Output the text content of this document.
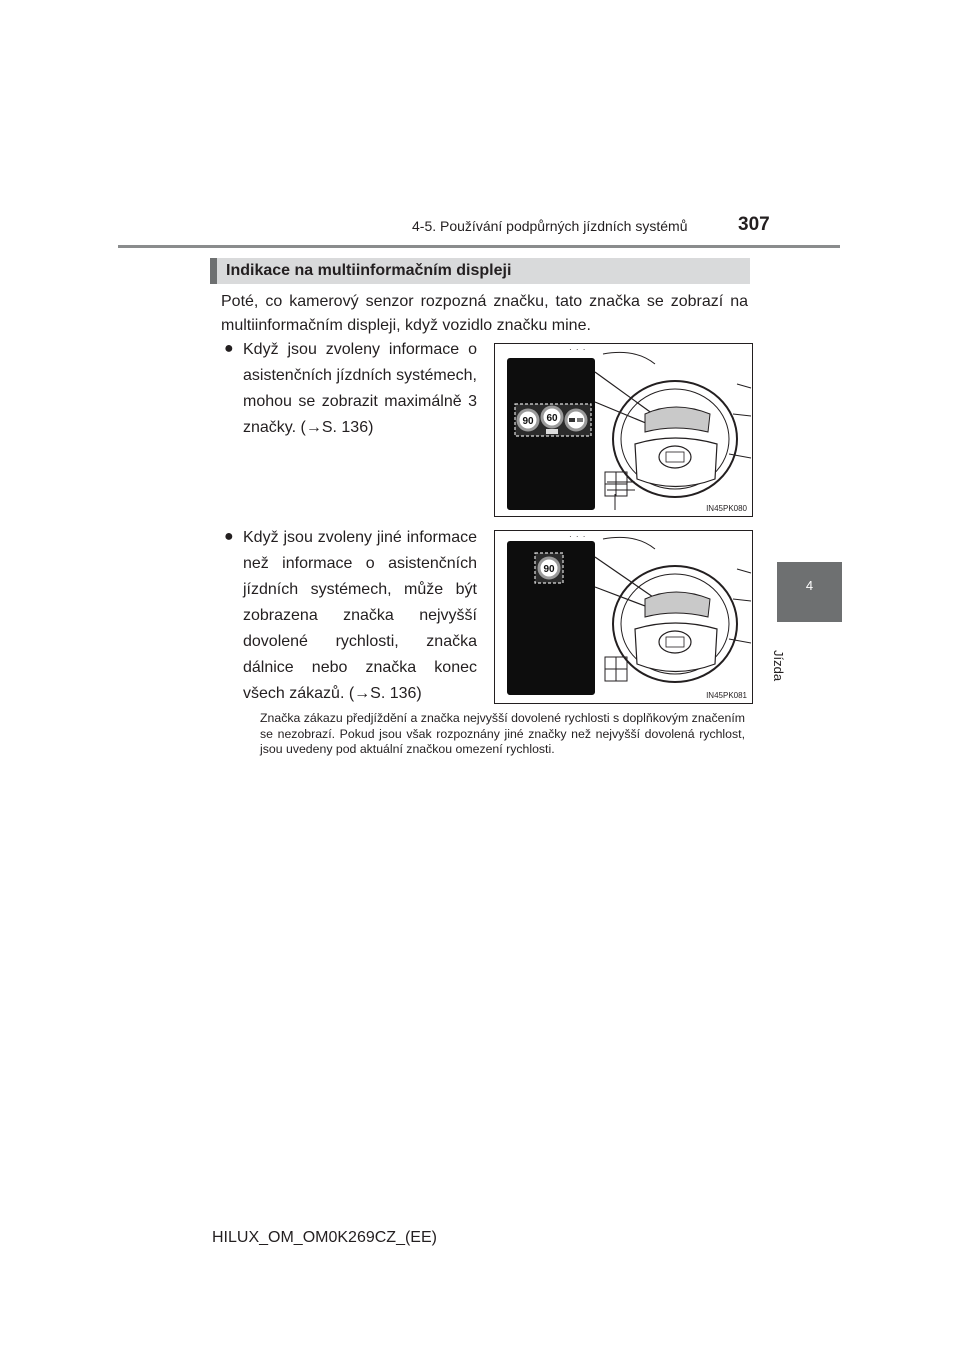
4-5. Používání podpůrných jízdních systémů	307
4
Jízda
Indikace na multiinformačním displeji
Poté, co kamerový senzor rozpozná značku, tato značka se zobrazí na multiinformačním displeji, když vozidlo značku mine.
● Když jsou zvoleny informace o asistenčních jízdních systémech, mohou se zobrazit maximálně 3 značky. (→S. 136)
● Když jsou zvoleny jiné informace než informace o asistenčních jízdních systémech, může být zobrazena značka nejvyšší dovolené rychlosti, značka dálnice nebo značka konec všech zákazů. (→S. 136)
90 60
· · ·
IN45PK080
90
· · ·
IN45PK081
Značka zákazu předjíždění a značka nejvyšší dovolené rychlosti s doplňkovým značením se nezobrazí. Pokud jsou však rozpoznány jiné značky než nejvyšší dovolená rychlost, jsou uvedeny pod aktuální značkou omezení rychlosti.
HILUX_OM_OM0K269CZ_(EE)
